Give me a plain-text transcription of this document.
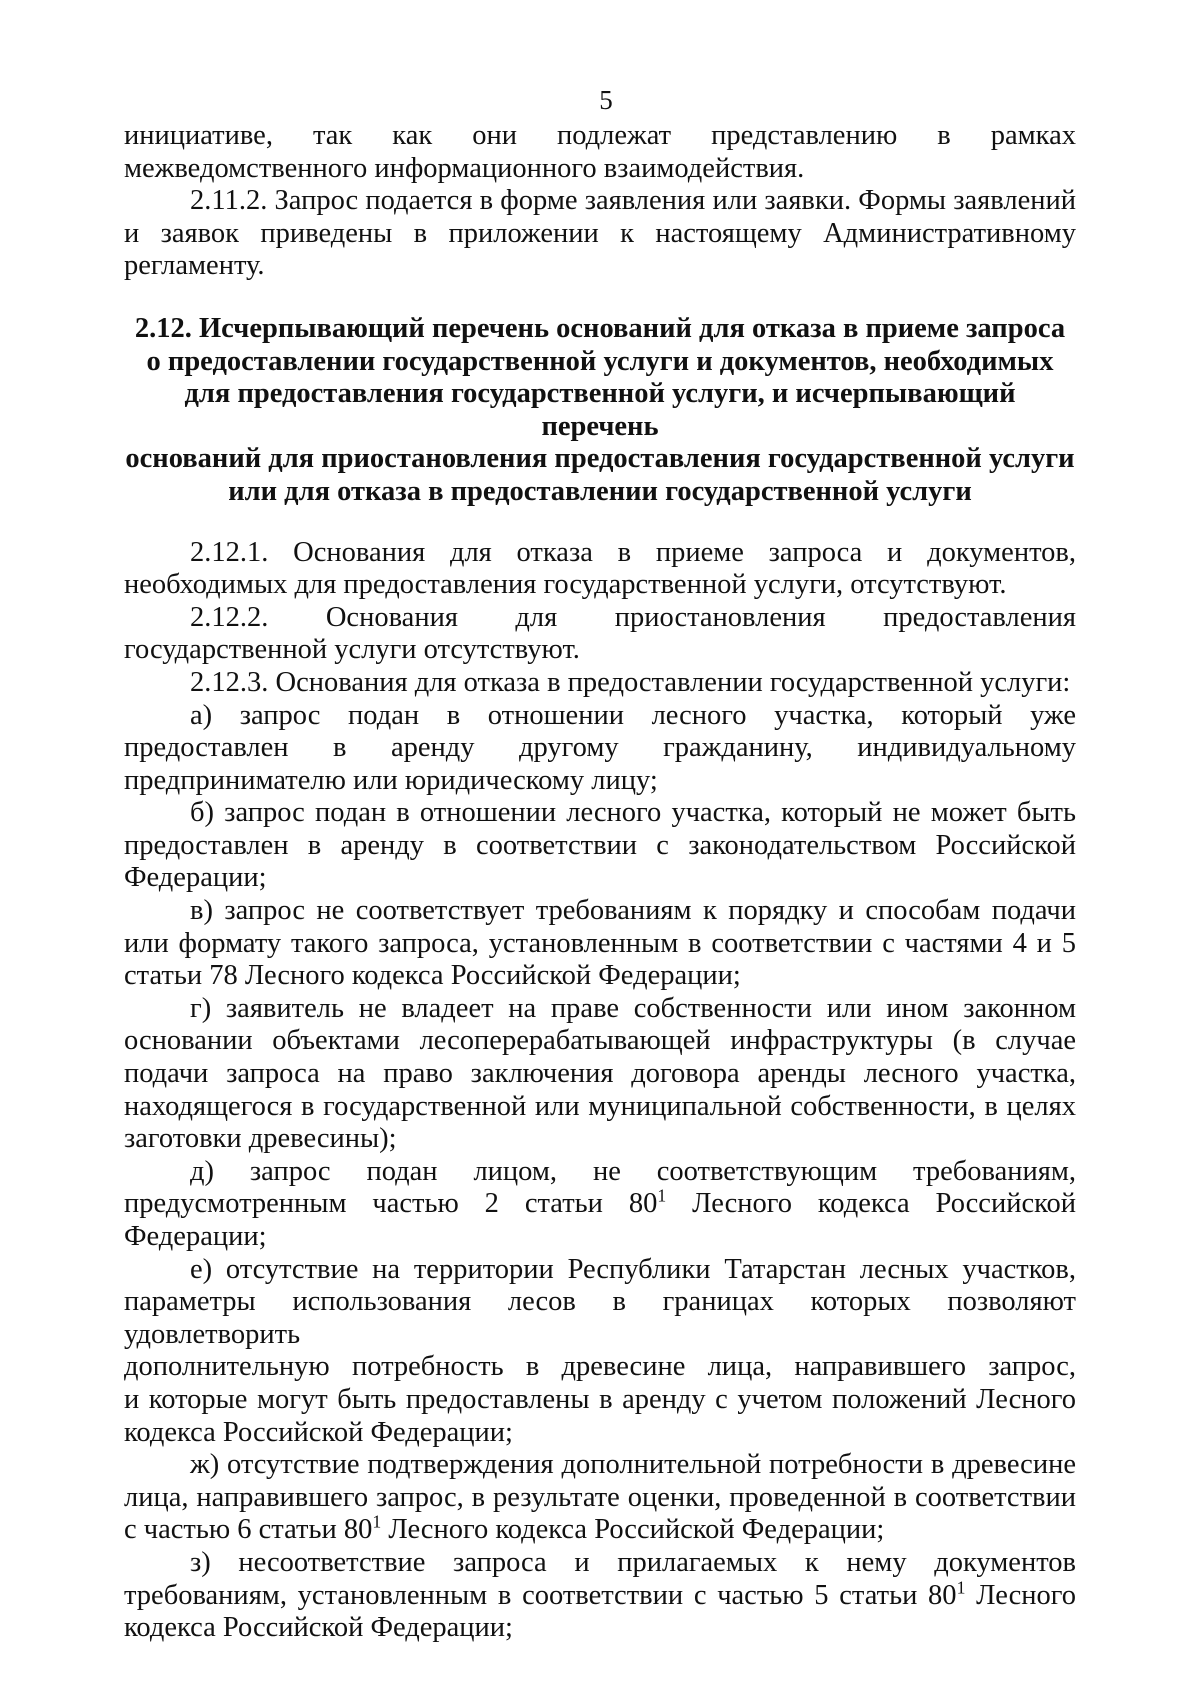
5

инициативе, так как они подлежат представлению в рамках
межведомственного информационного взаимодействия.

2.11.2. Запрос подается в форме заявления или заявки. Формы заявлений
и заявок приведены в приложении к настоящему Административному
регламенту.

2.12. Исчерпывающий перечень оснований для отказа в приеме запроса
о предоставлении государственной услуги и документов, необходимых
для предоставления государственной услуги, и исчерпывающий перечень
оснований для приостановления предоставления государственной услуги
или для отказа в предоставлении государственной услуги

2.12.1. Основания для отказа в приеме запроса и документов,
необходимых для предоставления государственной услуги, отсутствуют.

2.12.2. Основания для приостановления предоставления
государственной услуги отсутствуют.

2.12.3. Основания для отказа в предоставлении государственной услуги:

а) запрос подан в отношении лесного участка, который уже
предоставлен в аренду другому гражданину, индивидуальному
предпринимателю или юридическому лицу;

б) запрос подан в отношении лесного участка, который не может быть
предоставлен в аренду в соответствии с законодательством Российской
Федерации;

в) запрос не соответствует требованиям к порядку и способам подачи
или формату такого запроса, установленным в соответствии с частями 4 и 5
статьи 78 Лесного кодекса Российской Федерации;

г) заявитель не владеет на праве собственности или ином законном
основании объектами лесоперерабатывающей инфраструктуры (в случае
подачи запроса на право заключения договора аренды лесного участка,
находящегося в государственной или муниципальной собственности, в целях
заготовки древесины);

д) запрос подан лицом, не соответствующим требованиям,
предусмотренным частью 2 статьи $80^1$ Лесного кодекса Российской
Федерации;

е) отсутствие на территории Республики Татарстан лесных участков,
параметры использования лесов в границах которых позволяют удовлетворить
дополнительную потребность в древесине лица, направившего запрос,
и которые могут быть предоставлены в аренду с учетом положений Лесного
кодекса Российской Федерации;

ж) отсутствие подтверждения дополнительной потребности в древесине
лица, направившего запрос, в результате оценки, проведенной в соответствии
с частью 6 статьи $80^1$ Лесного кодекса Российской Федерации;

з) несоответствие запроса и прилагаемых к нему документов
требованиям, установленным в соответствии с частью 5 статьи $80^1$ Лесного
кодекса Российской Федерации;
